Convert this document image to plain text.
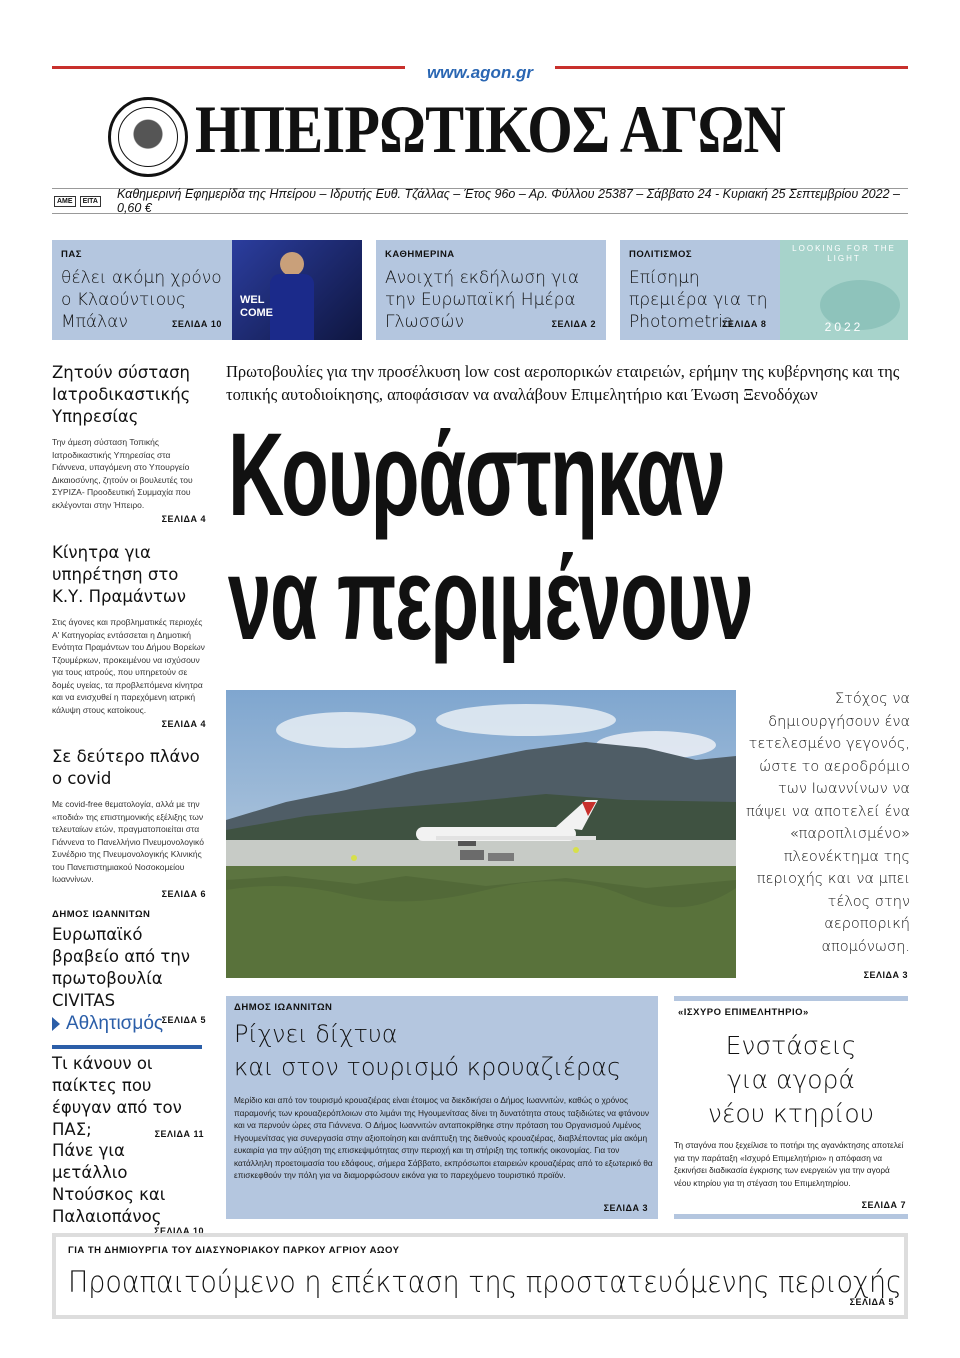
www.agon.gr
ΗΠΕΙΡΩΤΙΚΟΣ ΑΓΩΝ
ΑΜΕ	ΕΙΤΑ Καθημερινή Εφημερίδα της Ηπείρου – Ιδρυτής Ευθ. Τζάλλας – Έτος 96ο – Αρ. Φύλλου 25387 – Σάββατο 24 - Κυριακή 25 Σεπτεμβρίου 2022 – 0,60 €
ΠΑΣ
θέλει ακόμη χρόνο ο Κλαούντιους Μπάλαν	ΣΕΛΙΔΑ 10
WEL COME
ΚΑΘΗΜΕΡΙΝΑ
Ανοιχτή εκδήλωση για την Ευρωπαϊκή Ημέρα Γλωσσών	ΣΕΛΙΔΑ 2
ΠΟΛΙΤΙΣΜΟΣ
Επίσημη πρεμιέρα για τη Photometria
ΣΕΛΙΔΑ 8
LOOKING FOR THE LIGHT
2022
Ζητούν σύσταση Ιατροδικαστικής Υπηρεσίας

Την άμεση σύσταση Τοπικής Ιατροδικαστικής Υπηρεσίας στα Γιάννενα, υπαγόμενη στο Υπουργείο Δικαιοσύνης, ζητούν οι βουλευτές του ΣΥΡΙΖΑ- Προοδευτική Συμμαχία που εκλέγονται στην Ήπειρο.

ΣΕΛΙΔΑ 4
Κίνητρα για υπηρέτηση στο Κ.Υ. Πραμάντων

Στις άγονες και προβληματικές περιοχές Α' Κατηγορίας εντάσσεται η Δημοτική Ενότητα Πραμάντων του Δήμου Βορείων Τζουμέρκων, προκειμένου να ισχύσουν για τους ιατρούς, που υπηρετούν σε δομές υγείας, τα προβλεπόμενα κίνητρα και να ενισχυθεί η παρεχόμενη ιατρική κάλυψη στους κατοίκους.

ΣΕΛΙΔΑ 4
Σε δεύτερο πλάνο ο covid

Με covid-free θεματολογία, αλλά με την «ποδιά» της επιστημονικής εξέλιξης των τελευταίων ετών, πραγματοποιείται στα Γιάννενα το Πανελλήνιο Πνευμονολογικό Συνέδριο της Πνευμονολογικής Κλινικής του Πανεπιστημιακού Νοσοκομείου Ιωαννίνων.

ΣΕΛΙΔΑ 6
ΔΗΜΟΣ ΙΩΑΝΝΙΤΩΝ
Ευρωπαϊκό βραβείο από την πρωτοβουλία CIVITAS
ΣΕΛΙΔΑ 5
Αθλητισμός
Τι κάνουν οι παίκτες που έφυγαν από τον ΠΑΣ;	ΣΕΛΙΔΑ 11
Πάνε για μετάλλιο Ντούσκος και Παλαιοπάνος
ΣΕΛΙΔΑ 10
Πρωτοβουλίες για την προσέλκυση low cost αεροπορικών εταιρειών, ερήμην της κυβέρνησης και της τοπικής αυτοδιοίκησης, αποφάσισαν να αναλάβουν Επιμελητήριο και Ένωση Ξενοδόχων
Κουράστηκαν
να περιμένουν
Στόχος να δημιουργήσουν ένα τετελεσμένο γεγονός, ώστε το αεροδρόμιο των Ιωαννίνων να πάψει να αποτελεί ένα «παροπλισμένο» πλεονέκτημα της περιοχής και να μπει τέλος στην αεροπορική απομόνωση.
ΣΕΛΙΔΑ 3
ΔΗΜΟΣ ΙΩΑΝΝΙΤΩΝ
Ρίχνει δίχτυα
και στον τουρισμό κρουαζιέρας

Μερίδιο και από τον τουρισμό κρουαζιέρας είναι έτοιμος να διεκδικήσει ο Δήμος Ιωαννιτών, καθώς ο χρόνος παραμονής των κρουαζιερόπλοιων στο λιμάνι της Ηγουμενίτσας δίνει τη δυνατότητα στους ταξιδιώτες να φτάνουν και να περνούν ώρες στα Γιάννενα. Ο Δήμος Ιωαννιτών ανταποκρίθηκε στην πρόταση του Οργανισμού Λιμένος Ηγουμενίτσας για συνεργασία στην αξιοποίηση και ανάπτυξη της διεθνούς κρουαζιέρας, διαβλέποντας μία ακόμη ευκαιρία για την αύξηση της επισκεψιμότητας στην περιοχή και τη στήριξη της τοπικής οικονομίας. Για τον κατάλληλη προετοιμασία του εδάφους, σήμερα Σάββατο, εκπρόσωποι εταιρειών κρουαζιέρας από το εξωτερικό θα επισκεφθούν την πόλη για να διαμορφώσουν εικόνα για το παρεχόμενο τουριστικό προϊόν.

ΣΕΛΙΔΑ 3
«ΙΣΧΥΡΟ ΕΠΙΜΕΛΗΤΗΡΙΟ»
Ενστάσεις
για αγορά
νέου κτηρίου

Τη σταγόνα που ξεχείλισε το ποτήρι της αγανάκτησης αποτελεί για την παράταξη «Ισχυρό Επιμελητήριο» η απόφαση να ξεκινήσει διαδικασία έγκρισης των ενεργειών για την αγορά νέου κτηρίου για τη στέγαση του Επιμελητηρίου.

ΣΕΛΙΔΑ 7
ΓΙΑ ΤΗ ΔΗΜΙΟΥΡΓΙΑ ΤΟΥ ΔΙΑΣΥΝΟΡΙΑΚΟΥ ΠΑΡΚΟΥ ΑΓΡΙΟΥ ΑΩΟΥ
Προαπαιτούμενο η επέκταση της προστατευόμενης περιοχής
ΣΕΛΙΔΑ 5
